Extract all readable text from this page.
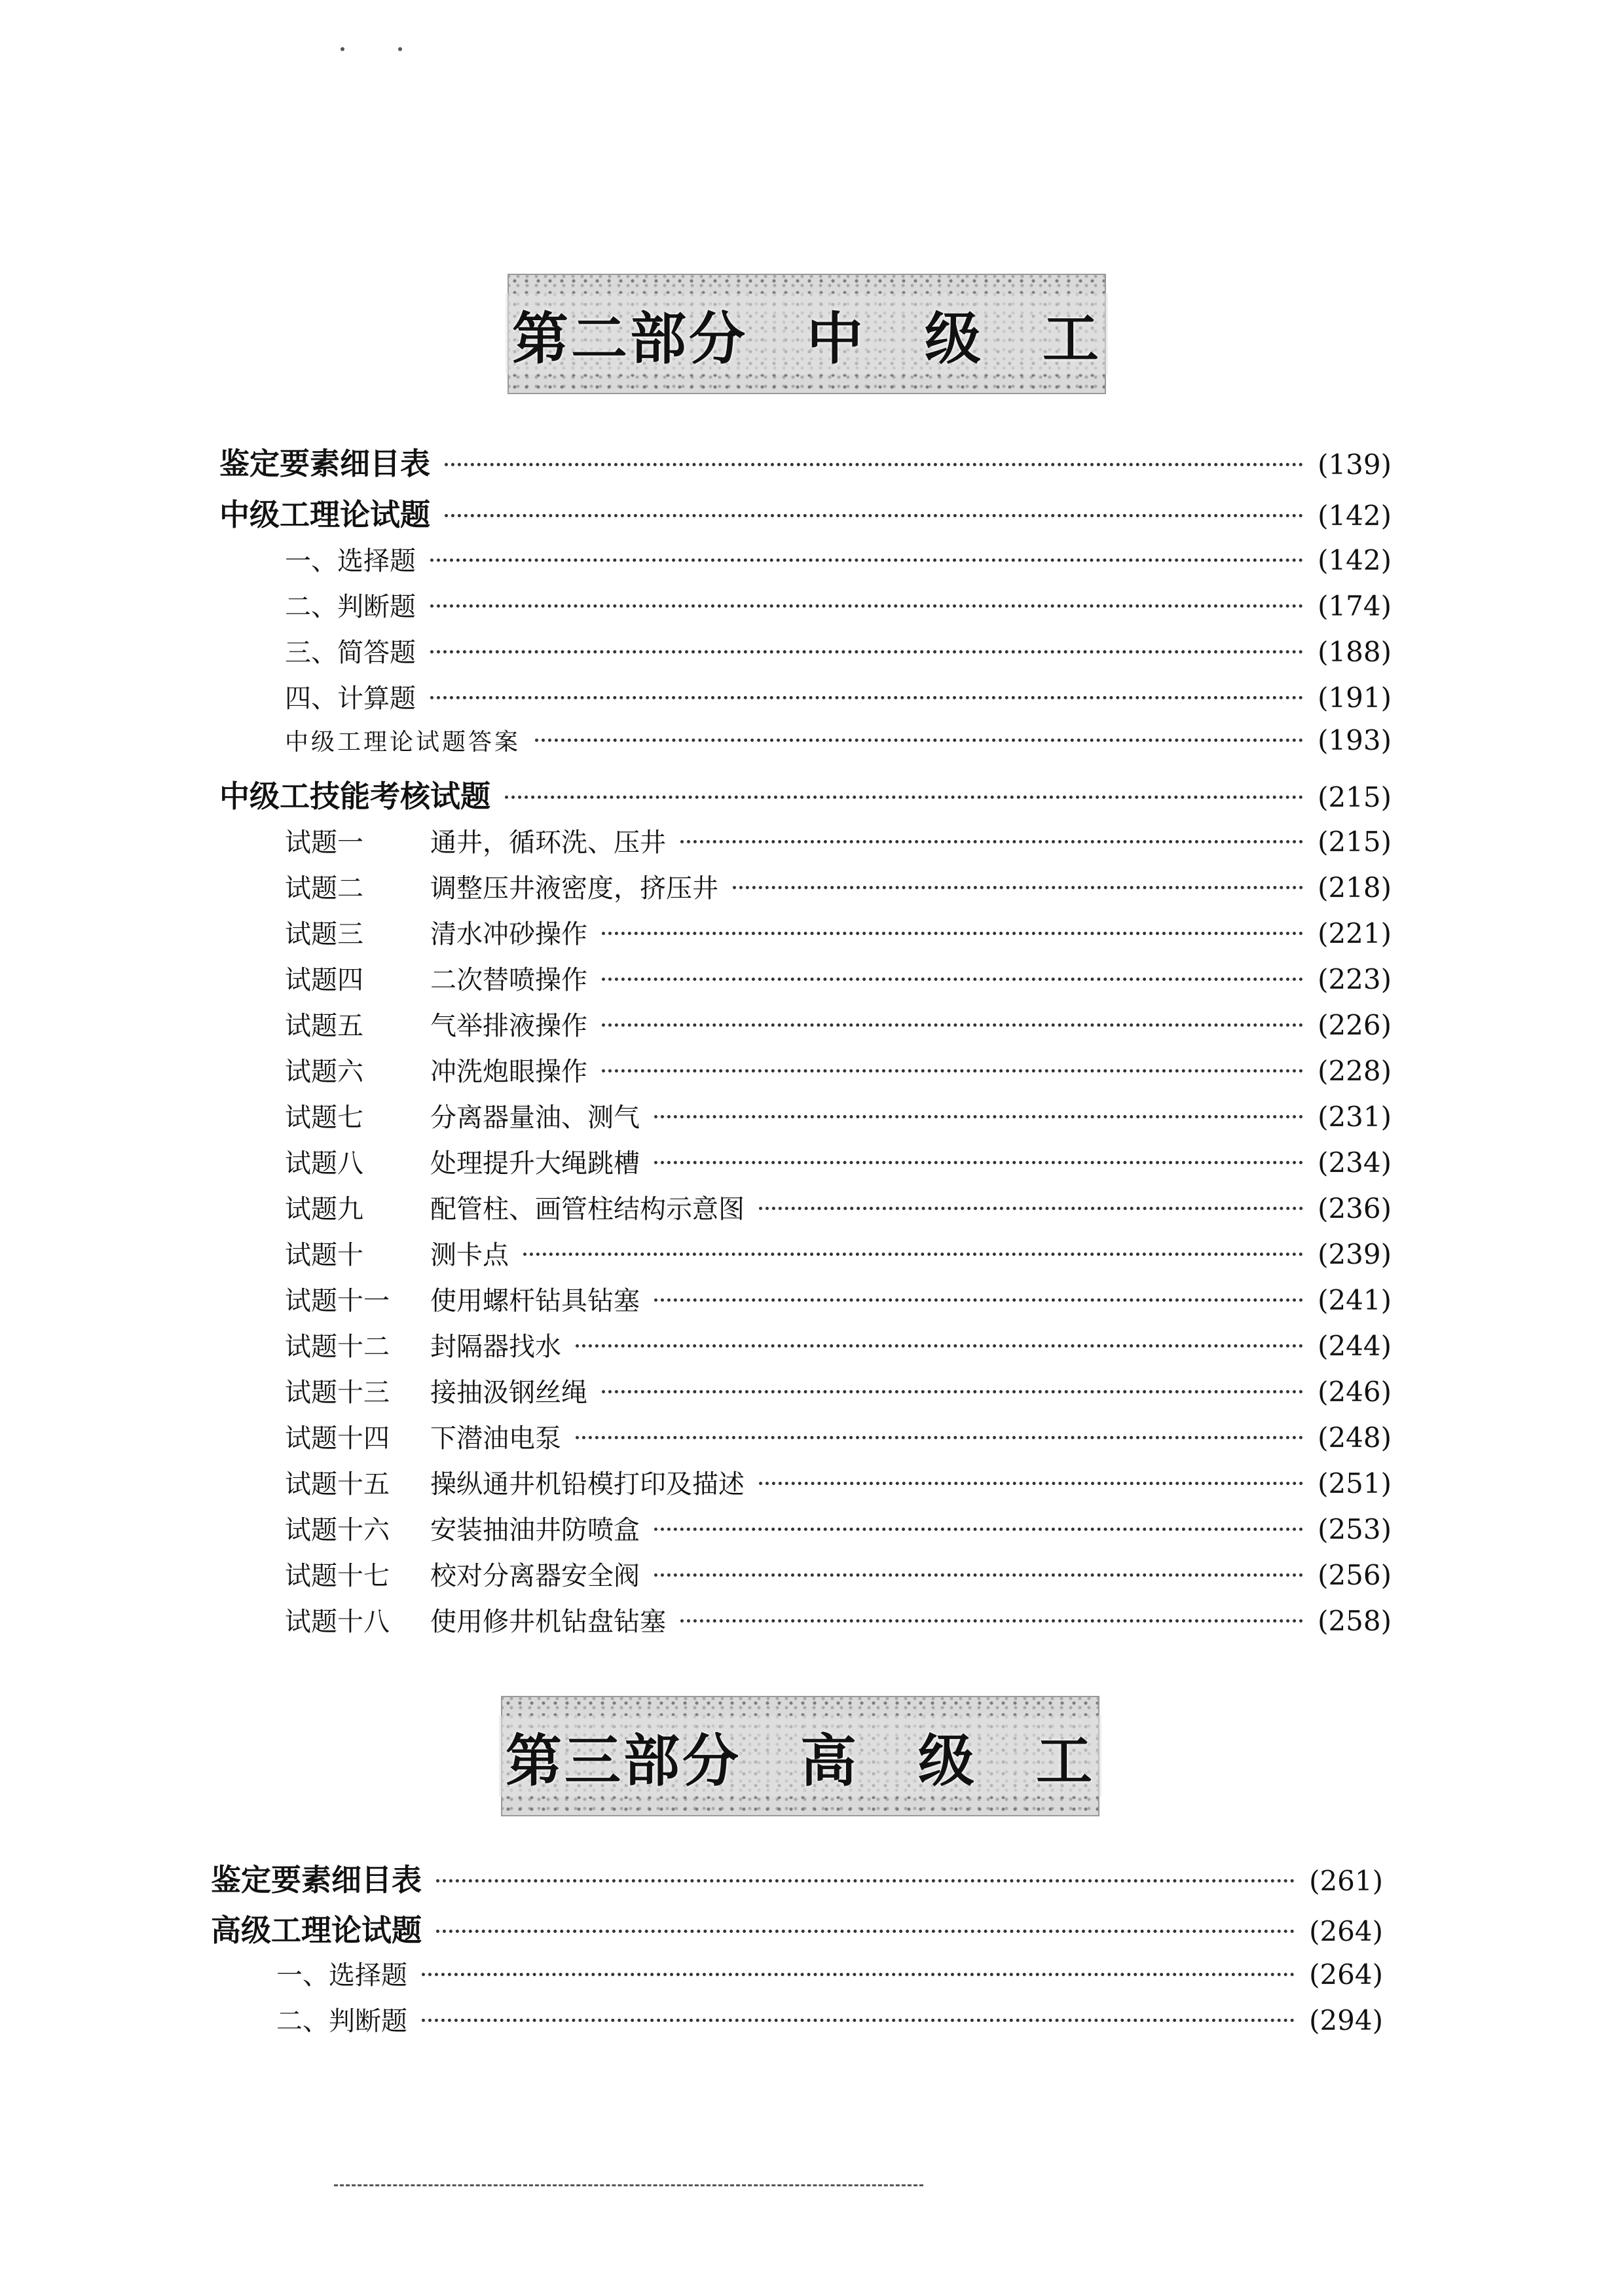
第二部分　中　级　工
鉴定要素细目表	(139)
中级工理论试题	(142)
一、选择题	(142)
二、判断题	(174)
三、简答题	(188)
四、计算题	(191)
中级工理论试题答案	(193)
中级工技能考核试题	(215)
试题一	通井，循环洗、压井	(215)
试题二	调整压井液密度，挤压井	(218)
试题三	清水冲砂操作	(221)
试题四	二次替喷操作	(223)
试题五	气举排液操作	(226)
试题六	冲洗炮眼操作	(228)
试题七	分离器量油、测气	(231)
试题八	处理提升大绳跳槽	(234)
试题九	配管柱、画管柱结构示意图	(236)
试题十	测卡点	(239)
试题十一	使用螺杆钻具钻塞	(241)
试题十二	封隔器找水	(244)
试题十三	接抽汲钢丝绳	(246)
试题十四	下潜油电泵	(248)
试题十五	操纵通井机铅模打印及描述	(251)
试题十六	安装抽油井防喷盒	(253)
试题十七	校对分离器安全阀	(256)
试题十八	使用修井机钻盘钻塞	(258)
第三部分　高　级　工
鉴定要素细目表	(261)
高级工理论试题	(264)
一、选择题	(264)
二、判断题	(294)
